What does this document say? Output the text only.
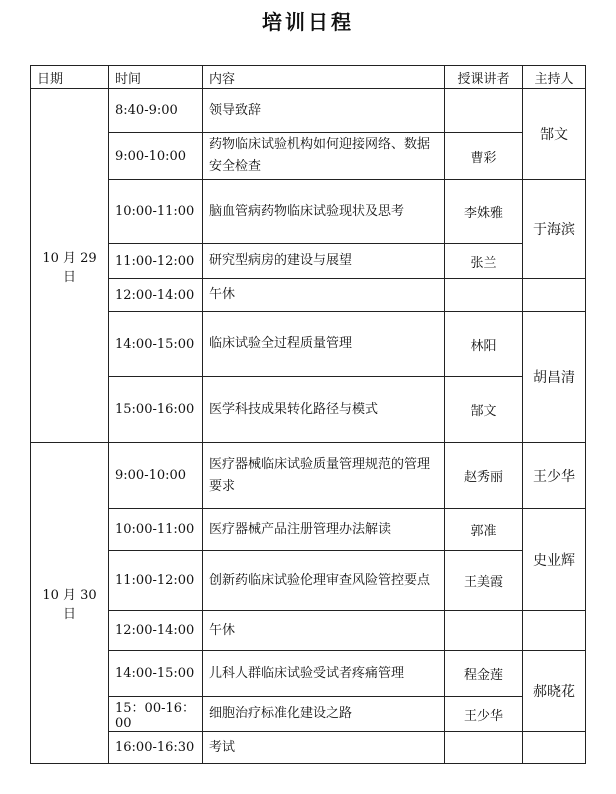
培训日程
日期	时间	内容	授课讲者	主持人
10 月 29 日	8:40-9:00	领导致辞		郜文
	9:00-10:00	药物临床试验机构如何迎接网络、数据安全检查	曹彩	
	10:00-11:00	脑血管病药物临床试验现状及思考	李姝雅	于海滨
	11:00-12:00	研究型病房的建设与展望	张兰	
	12:00-14:00	午休		
	14:00-15:00	临床试验全过程质量管理	林阳	胡昌清
	15:00-16:00	医学科技成果转化路径与模式	郜文	
10 月 30 日	9:00-10:00	医疗器械临床试验质量管理规范的管理要求	赵秀丽	王少华
	10:00-11:00	医疗器械产品注册管理办法解读	郭准	史业辉
	11:00-12:00	创新药临床试验伦理审查风险管控要点	王美霞	
	12:00-14:00	午休		
	14:00-15:00	儿科人群临床试验受试者疼痛管理	程金莲	郝晓花
	15：00-16：00	细胞治疗标准化建设之路	王少华	
	16:00-16:30	考试		
